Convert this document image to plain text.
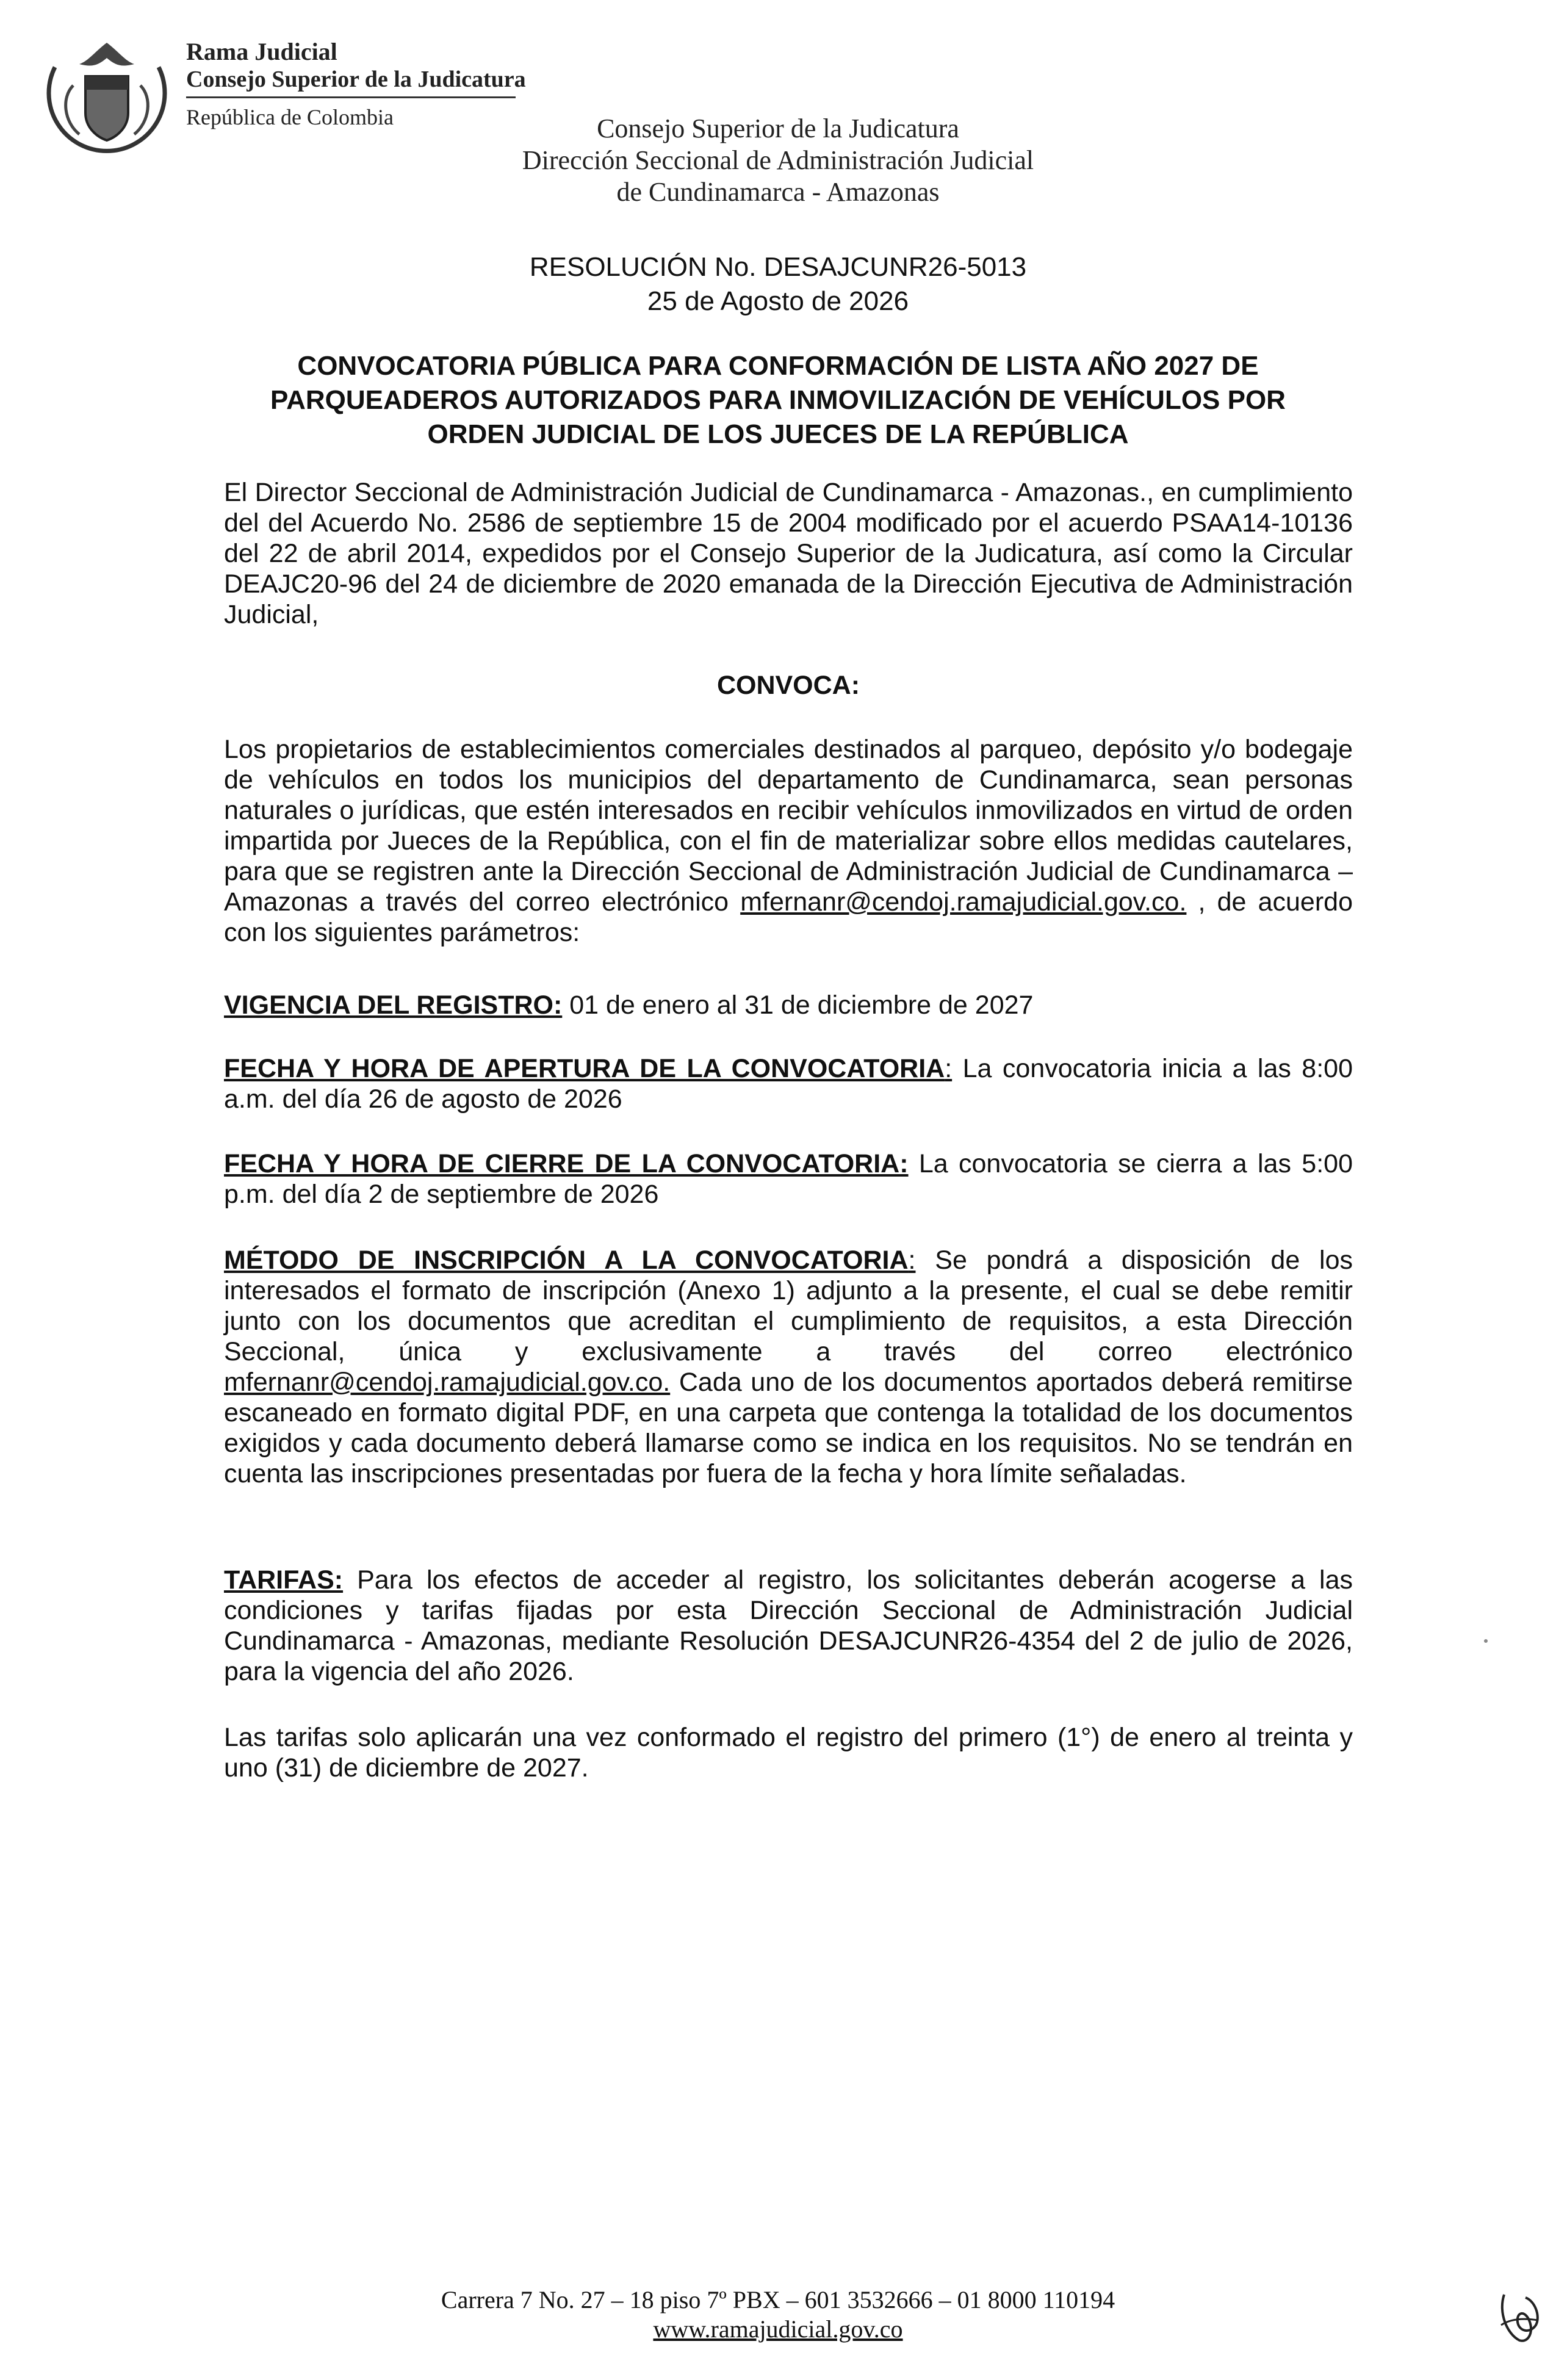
Rama Judicial
Consejo Superior de la Judicatura
República de Colombia	Consejo Superior de la Judicatura
Dirección Seccional de Administración Judicial
de Cundinamarca - Amazonas
RESOLUCIÓN No. DESAJCUNR26-5013
25 de Agosto de 2026
CONVOCATORIA PÚBLICA PARA CONFORMACIÓN DE LISTA AÑO 2027 DE
PARQUEADEROS AUTORIZADOS PARA INMOVILIZACIÓN DE VEHÍCULOS POR
ORDEN JUDICIAL DE LOS JUECES DE LA REPÚBLICA

El Director Seccional de Administración Judicial de Cundinamarca - Amazonas., en cumplimiento del del Acuerdo No. 2586 de septiembre 15 de 2004 modificado por el acuerdo PSAA14-10136 del 22 de abril 2014, expedidos por el Consejo Superior de la Judicatura, así como la Circular DEAJC20-96 del 24 de diciembre de 2020 emanada de la Dirección Ejecutiva de Administración Judicial,

CONVOCA:

Los propietarios de establecimientos comerciales destinados al parqueo, depósito y/o bodegaje de vehículos en todos los municipios del departamento de Cundinamarca, sean personas naturales o jurídicas, que estén interesados en recibir vehículos inmovilizados en virtud de orden impartida por Jueces de la República, con el fin de materializar sobre ellos medidas cautelares, para que se registren ante la Dirección Seccional de Administración Judicial de Cundinamarca – Amazonas a través del correo electrónico mfernanr@cendoj.ramajudicial.gov.co. , de acuerdo con los siguientes parámetros:

VIGENCIA DEL REGISTRO: 01 de enero al 31 de diciembre de 2027

FECHA Y HORA DE APERTURA DE LA CONVOCATORIA: La convocatoria inicia a las 8:00 a.m. del día 26 de agosto de 2026

FECHA Y HORA DE CIERRE DE LA CONVOCATORIA: La convocatoria se cierra a las 5:00 p.m. del día 2 de septiembre de 2026

MÉTODO DE INSCRIPCIÓN A LA CONVOCATORIA: Se pondrá a disposición de los interesados el formato de inscripción (Anexo 1) adjunto a la presente, el cual se debe remitir junto con los documentos que acreditan el cumplimiento de requisitos, a esta Dirección Seccional, única y exclusivamente a través del correo electrónico mfernanr@cendoj.ramajudicial.gov.co. Cada uno de los documentos aportados deberá remitirse escaneado en formato digital PDF, en una carpeta que contenga la totalidad de los documentos exigidos y cada documento deberá llamarse como se indica en los requisitos. No se tendrán en cuenta las inscripciones presentadas por fuera de la fecha y hora límite señaladas.

TARIFAS: Para los efectos de acceder al registro, los solicitantes deberán acogerse a las condiciones y tarifas fijadas por esta Dirección Seccional de Administración Judicial Cundinamarca - Amazonas, mediante Resolución DESAJCUNR26-4354 del 2 de julio de 2026, para la vigencia del año 2026.

Las tarifas solo aplicarán una vez conformado el registro del primero (1°) de enero al treinta y uno (31) de diciembre de 2027.

Carrera 7 No. 27 – 18 piso 7º PBX – 601 3532666 – 01 8000 110194
www.ramajudicial.gov.co
